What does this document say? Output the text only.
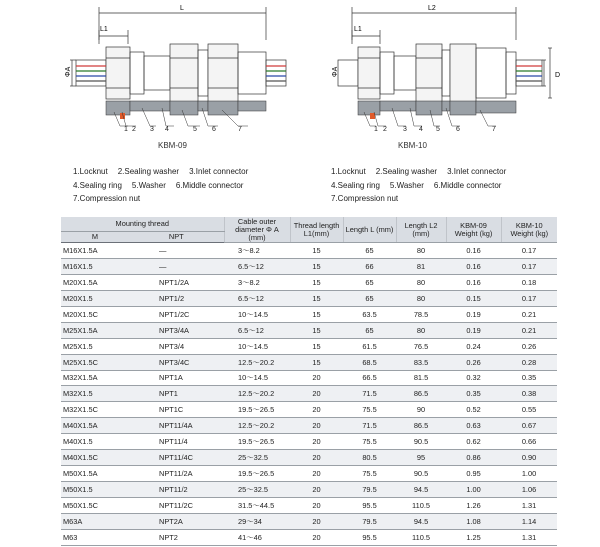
L1
L
ΦA
1 2 3 4	5 6	7
KBM-09
L1
L2
ΦA	D
1 2 3 4 5 6	7
KBM-10
1.Locknut 2.Sealing washer 3.Inlet connector
4.Sealing ring 5.Washer 6.Middle connector
7.Compression nut
1.Locknut 2.Sealing washer 3.Inlet connector
4.Sealing ring 5.Washer 6.Middle connector
7.Compression nut
Mounting thread		Cable outer diameter Φ A (mm)	Thread length L1(mm)	Length L (mm)	Length L2 (mm)	KBM-09 Weight (kg)	KBM-10 Weight (kg)
M	NPT						
M16X1.5A	—	3～8.2	15	65	80	0.16	0.17
M16X1.5	—	6.5～12	15	66	81	0.16	0.17
M20X1.5A	NPT1/2A	3～8.2	15	65	80	0.16	0.18
M20X1.5	NPT1/2	6.5～12	15	65	80	0.15	0.17
M20X1.5C	NPT1/2C	10～14.5	15	63.5	78.5	0.19	0.21
M25X1.5A	NPT3/4A	6.5～12	15	65	80	0.19	0.21
M25X1.5	NPT3/4	10～14.5	15	61.5	76.5	0.24	0.26
M25X1.5C	NPT3/4C	12.5～20.2	15	68.5	83.5	0.26	0.28
M32X1.5A	NPT1A	10～14.5	20	66.5	81.5	0.32	0.35
M32X1.5	NPT1	12.5～20.2	20	71.5	86.5	0.35	0.38
M32X1.5C	NPT1C	19.5～26.5	20	75.5	90	0.52	0.55
M40X1.5A	NPT11/4A	12.5～20.2	20	71.5	86.5	0.63	0.67
M40X1.5	NPT11/4	19.5～26.5	20	75.5	90.5	0.62	0.66
M40X1.5C	NPT11/4C	25～32.5	20	80.5	95	0.86	0.90
M50X1.5A	NPT11/2A	19.5～26.5	20	75.5	90.5	0.95	1.00
M50X1.5	NPT11/2	25～32.5	20	79.5	94.5	1.00	1.06
M50X1.5C	NPT11/2C	31.5～44.5	20	95.5	110.5	1.26	1.31
M63A	NPT2A	29～34	20	79.5	94.5	1.08	1.14
M63	NPT2	41～46	20	95.5	110.5	1.25	1.31
